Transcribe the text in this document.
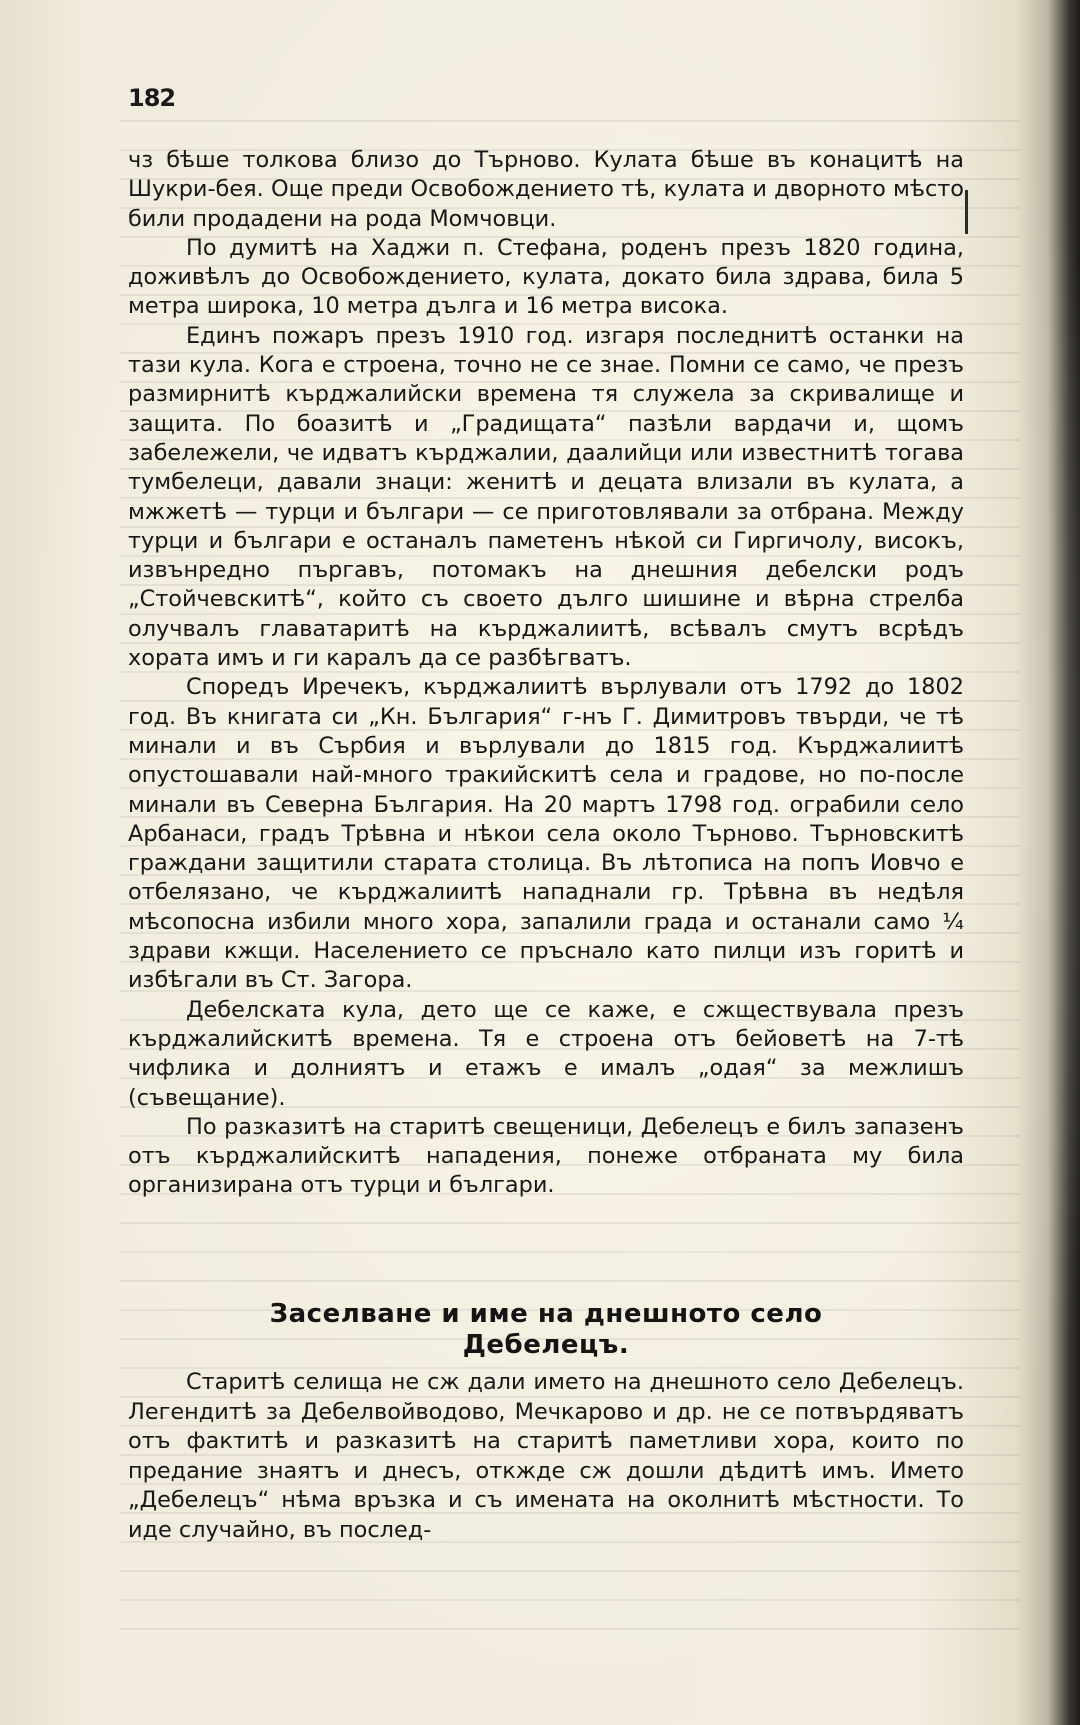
182

чз бѣше толкова близо до Търново. Кулата бѣше въ конацитѣ на Шукри-бея. Още преди Освобождението тѣ, кулата и дворното мѣсто били продадени на рода Момчовци.

По думитѣ на Хаджи п. Стефана, роденъ презъ 1820 година, доживѣлъ до Освобождението, кулата, докато била здрава, била 5 метра широка, 10 метра дълга и 16 метра висока.

Единъ пожаръ презъ 1910 год. изгаря последнитѣ останки на тази кула. Кога е строена, точно не се знае. Помни се само, че презъ размирнитѣ кърджалийски времена тя служела за скривалище и защита. По боазитѣ и „Градищата“ пазѣли вардачи и, щомъ забележели, че идватъ кърджалии, даалийци или известнитѣ тогава тумбелеци, давали знаци: женитѣ и децата влизали въ кулата, а мжжетѣ — турци и българи — се приготовлявали за отбрана. Между турци и българи е останалъ паметенъ нѣкой си Гиргичолу, високъ, извънредно пъргавъ, потомакъ на днешния дебелски родъ „Стойчевскитѣ“, който съ своето дълго шишине и вѣрна стрелба олучвалъ главатаритѣ на кърджалиитѣ, всѣвалъ смутъ всрѣдъ хората имъ и ги каралъ да се разбѣгватъ.

Споредъ Иречекъ, кърджалиитѣ върлували отъ 1792 до 1802 год. Въ книгата си „Кн. България“ г-нъ Г. Димитровъ твърди, че тѣ минали и въ Сърбия и върлували до 1815 год. Кърджалиитѣ опустошавали най-много тракийскитѣ села и градове, но по-после минали въ Северна България. На 20 мартъ 1798 год. ограбили село Арбанаси, градъ Трѣвна и нѣкои села около Търново. Търновскитѣ граждани защитили старата столица. Въ лѣтописа на попъ Иовчо е отбелязано, че кърджалиитѣ нападнали гр. Трѣвна въ недѣля мѣсопосна избили много хора, запалили града и останали само ¼ здрави кжщи. Населението се пръснало като пилци изъ горитѣ и избѣгали въ Ст. Загора.

Дебелската кула, дето ще се каже, е сжществувала презъ кърджалийскитѣ времена. Тя е строена отъ бейоветѣ на 7-тѣ чифлика и долниятъ и етажъ е ималъ „одая“ за межлишъ (съвещание).

По разказитѣ на старитѣ свещеници, Дебелецъ е билъ запазенъ отъ кърджалийскитѣ нападения, понеже отбраната му била организирана отъ турци и българи.

Заселване и име на днешното село
Дебелецъ.

Старитѣ селища не сж дали името на днешното село Дебелецъ. Легендитѣ за Дебелвойводово, Мечкарово и др. не се потвърдяватъ отъ фактитѣ и разказитѣ на старитѣ паметливи хора, които по предание знаятъ и днесъ, откжде сж дошли дѣдитѣ имъ. Името „Дебелецъ“ нѣма връзка и съ имената на околнитѣ мѣстности. То иде случайно, въ послед-
